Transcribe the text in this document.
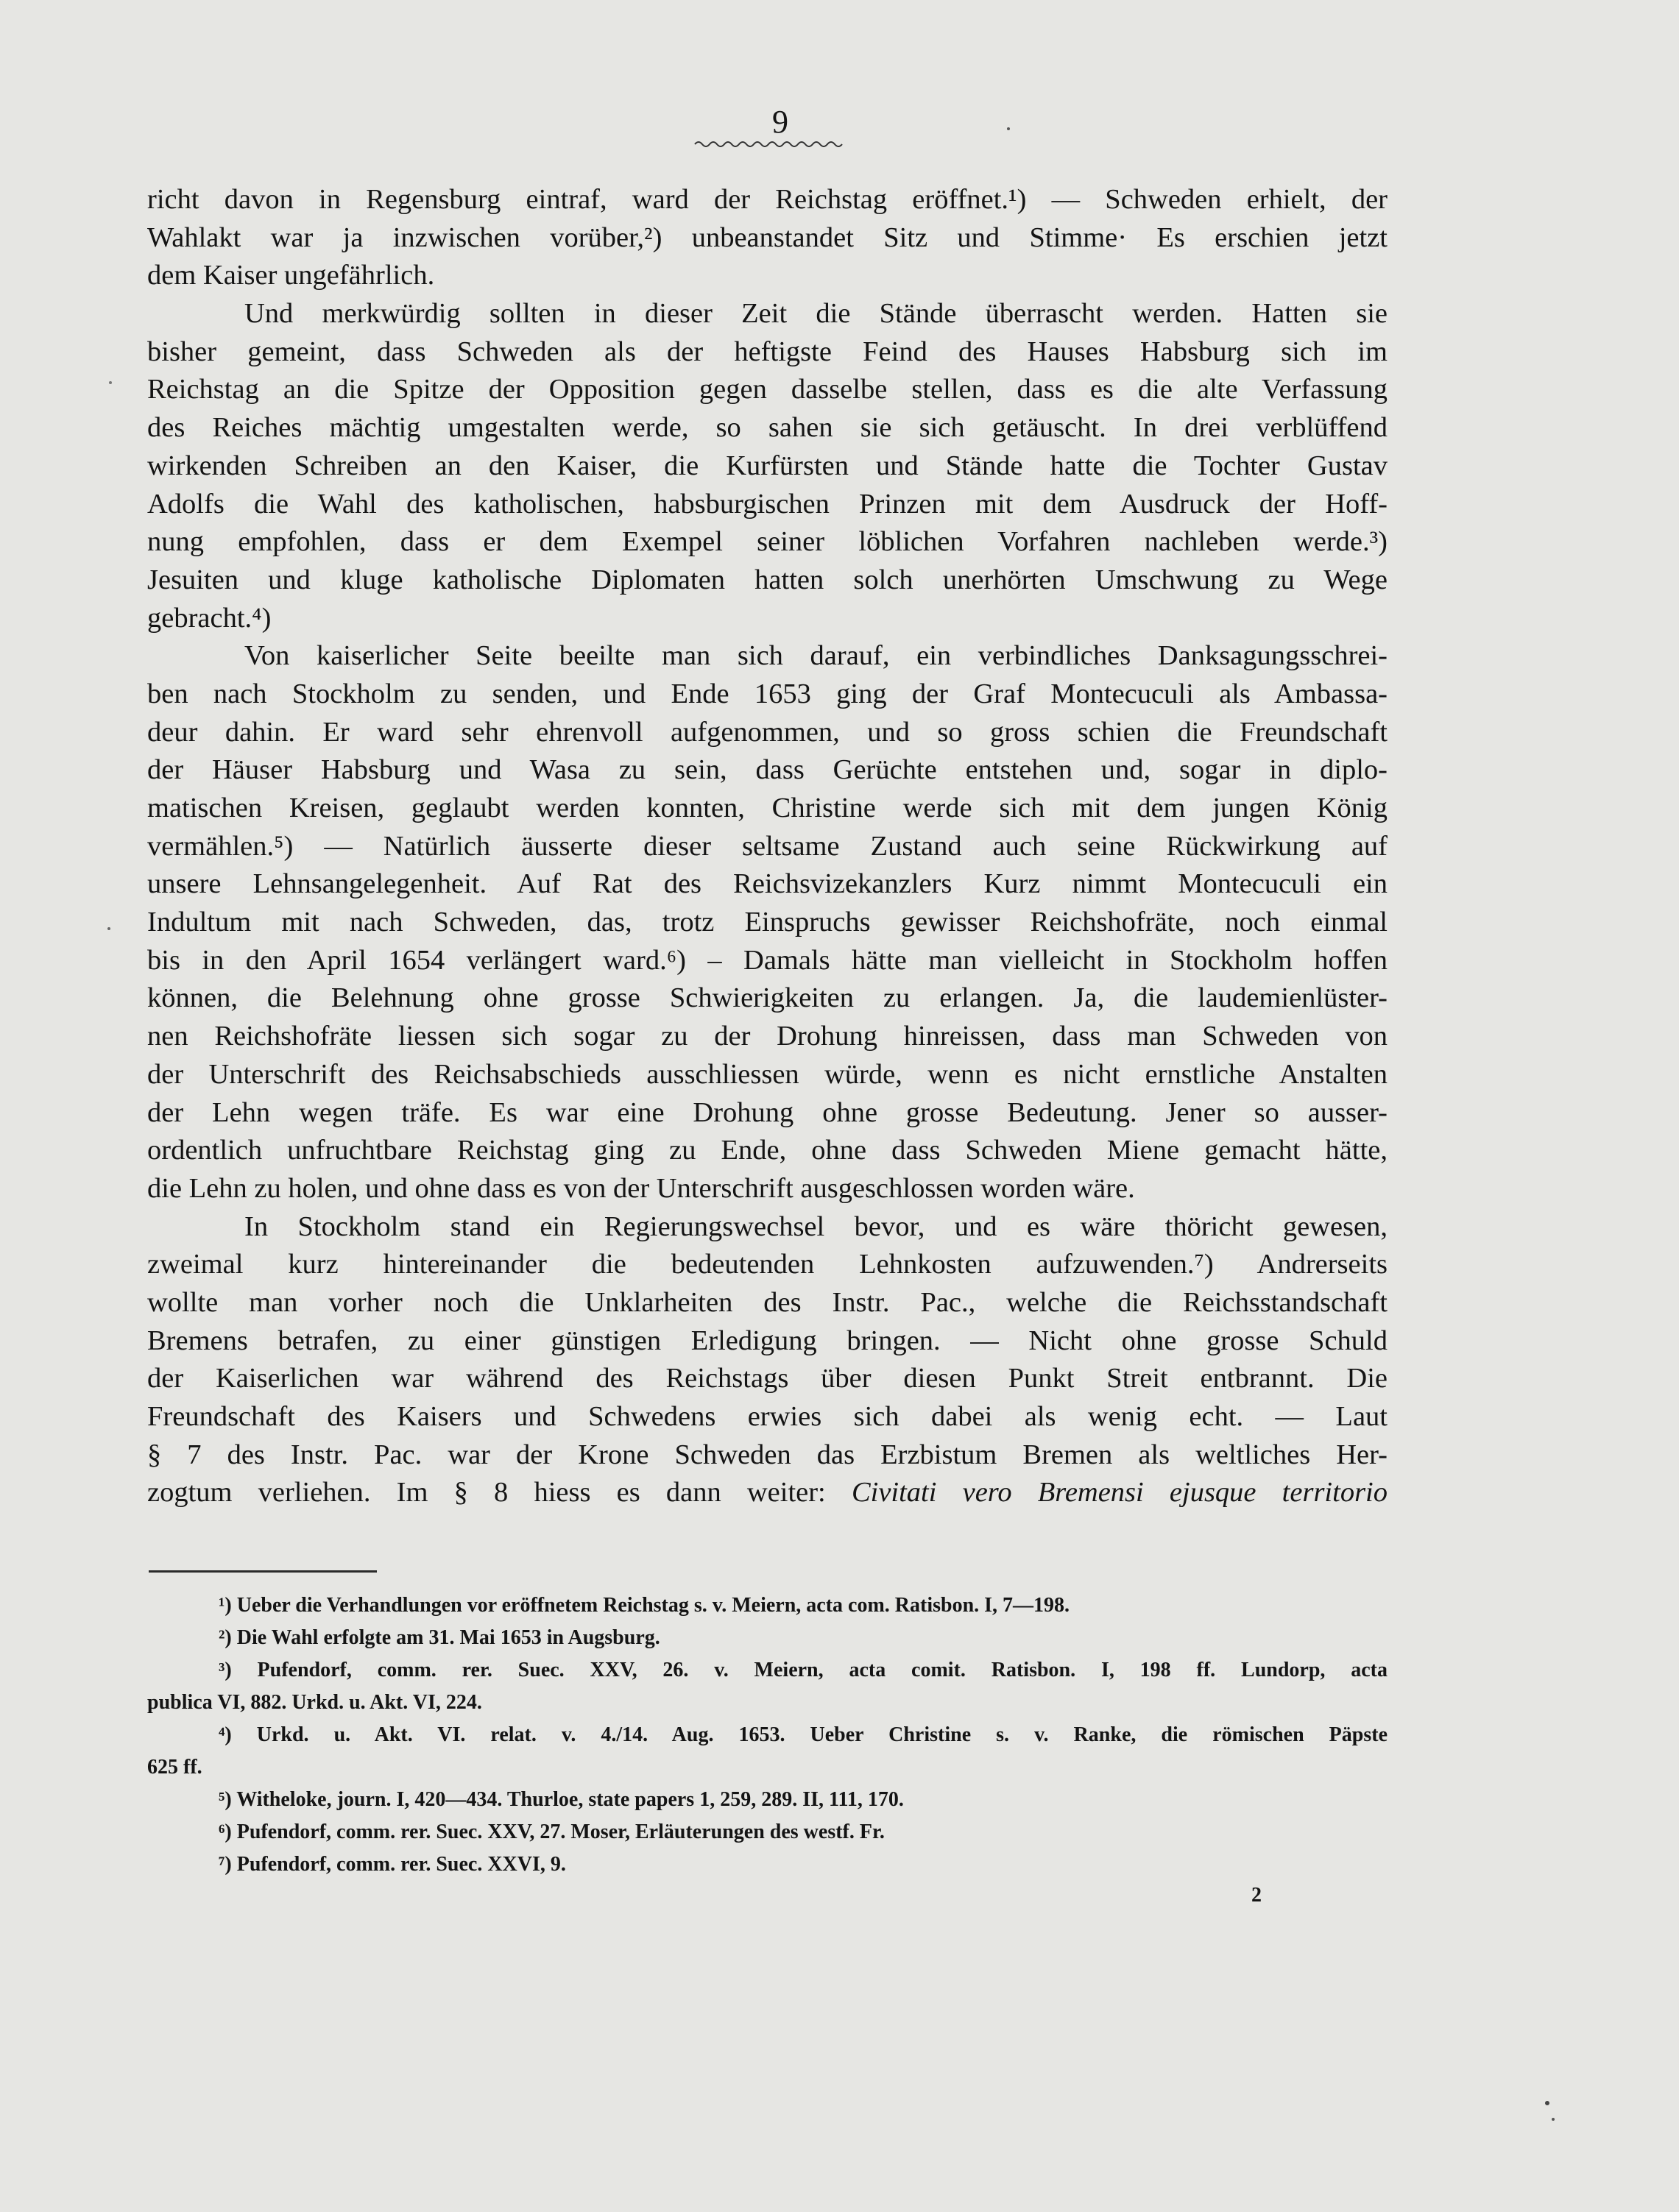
9
richt davon in Regensburg eintraf, ward der Reichstag eröffnet.¹) — Schweden erhielt, der
Wahlakt war ja inzwischen vorüber,²) unbeanstandet Sitz und Stimme· Es erschien jetzt
dem Kaiser ungefährlich.
Und merkwürdig sollten in dieser Zeit die Stände überrascht werden. Hatten sie
bisher gemeint, dass Schweden als der heftigste Feind des Hauses Habsburg sich im
Reichstag an die Spitze der Opposition gegen dasselbe stellen, dass es die alte Verfassung
des Reiches mächtig umgestalten werde, so sahen sie sich getäuscht. In drei verblüffend
wirkenden Schreiben an den Kaiser, die Kurfürsten und Stände hatte die Tochter Gustav
Adolfs die Wahl des katholischen, habsburgischen Prinzen mit dem Ausdruck der Hoff-
nung empfohlen, dass er dem Exempel seiner löblichen Vorfahren nachleben werde.³)
Jesuiten und kluge katholische Diplomaten hatten solch unerhörten Umschwung zu Wege
gebracht.⁴)
Von kaiserlicher Seite beeilte man sich darauf, ein verbindliches Danksagungsschrei-
ben nach Stockholm zu senden, und Ende 1653 ging der Graf Montecuculi als Ambassa-
deur dahin. Er ward sehr ehrenvoll aufgenommen, und so gross schien die Freundschaft
der Häuser Habsburg und Wasa zu sein, dass Gerüchte entstehen und, sogar in diplo-
matischen Kreisen, geglaubt werden konnten, Christine werde sich mit dem jungen König
vermählen.⁵) — Natürlich äusserte dieser seltsame Zustand auch seine Rückwirkung auf
unsere Lehnsangelegenheit. Auf Rat des Reichsvizekanzlers Kurz nimmt Montecuculi ein
Indultum mit nach Schweden, das, trotz Einspruchs gewisser Reichshofräte, noch einmal
bis in den April 1654 verlängert ward.⁶) – Damals hätte man vielleicht in Stockholm hoffen
können, die Belehnung ohne grosse Schwierigkeiten zu erlangen. Ja, die laudemienlüster-
nen Reichshofräte liessen sich sogar zu der Drohung hinreissen, dass man Schweden von
der Unterschrift des Reichsabschieds ausschliessen würde, wenn es nicht ernstliche Anstalten
der Lehn wegen träfe. Es war eine Drohung ohne grosse Bedeutung. Jener so ausser-
ordentlich unfruchtbare Reichstag ging zu Ende, ohne dass Schweden Miene gemacht hätte,
die Lehn zu holen, und ohne dass es von der Unterschrift ausgeschlossen worden wäre.
In Stockholm stand ein Regierungswechsel bevor, und es wäre thöricht gewesen,
zweimal kurz hintereinander die bedeutenden Lehnkosten aufzuwenden.⁷) Andrerseits
wollte man vorher noch die Unklarheiten des Instr. Pac., welche die Reichsstandschaft
Bremens betrafen, zu einer günstigen Erledigung bringen. — Nicht ohne grosse Schuld
der Kaiserlichen war während des Reichstags über diesen Punkt Streit entbrannt. Die
Freundschaft des Kaisers und Schwedens erwies sich dabei als wenig echt. — Laut
§ 7 des Instr. Pac. war der Krone Schweden das Erzbistum Bremen als weltliches Her-
zogtum verliehen. Im § 8 hiess es dann weiter: Civitati vero Bremensi ejusque territorio
¹) Ueber die Verhandlungen vor eröffnetem Reichstag s. v. Meiern, acta com. Ratisbon. I, 7—198.
²) Die Wahl erfolgte am 31. Mai 1653 in Augsburg.
³) Pufendorf, comm. rer. Suec. XXV, 26. v. Meiern, acta comit. Ratisbon. I, 198 ff. Lundorp, acta
publica VI, 882. Urkd. u. Akt. VI, 224.
⁴) Urkd. u. Akt. VI. relat. v. 4./14. Aug. 1653. Ueber Christine s. v. Ranke, die römischen Päpste
625 ff.
⁵) Witheloke, journ. I, 420—434. Thurloe, state papers 1, 259, 289. II, 111, 170.
⁶) Pufendorf, comm. rer. Suec. XXV, 27. Moser, Erläuterungen des westf. Fr.
⁷) Pufendorf, comm. rer. Suec. XXVI, 9.
2
